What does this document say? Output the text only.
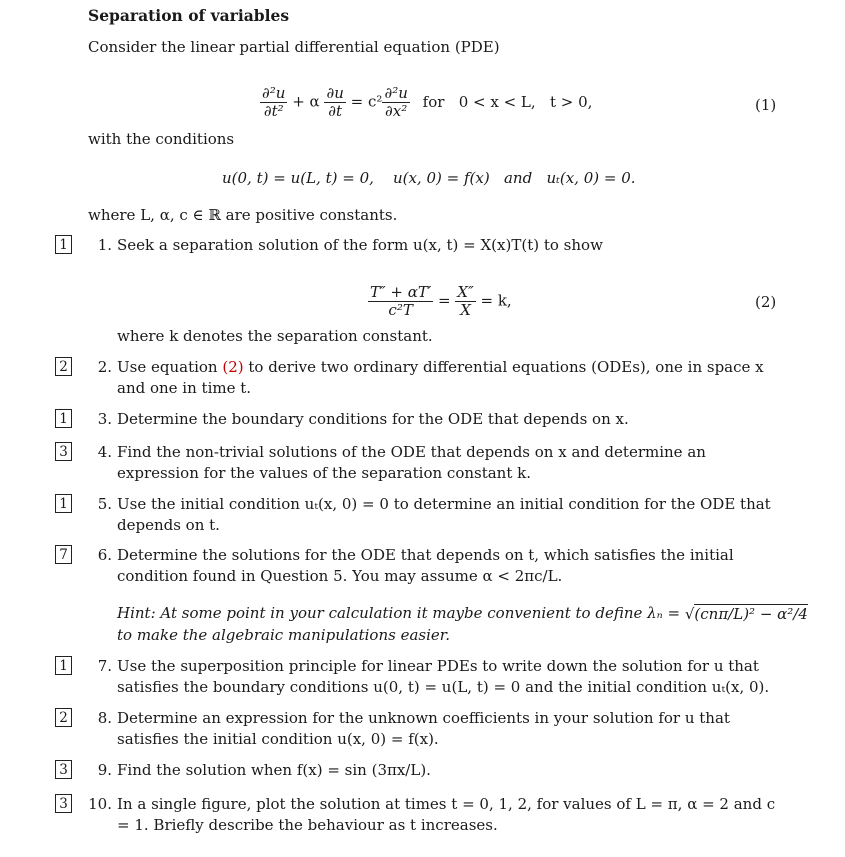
Separation of variables
Consider the linear partial differential equation (PDE)
$\frac{\text{∂²u}}{\text{∂t²}} + \alpha \frac{\partial u}{\partial t} = c^2 \frac{\text{∂²u}}{\text{∂x²}}$ for   0 < x < L,   t > 0,	(1)
with the conditions
u(0, t) = u(L, t) = 0,    u(x, 0) = f(x)   and   uₜ(x, 0) = 0.
where L, α, c ∈ ℝ are positive constants.
1	1. Seek a separation solution of the form u(x, t) = X(x)T(t) to show
$\frac{T'' + \alpha T'}{\text{c²T}} = \frac{X''}{X} = k$,	(2)
where k denotes the separation constant.
2	2. Use equation (2) to derive two ordinary differential equations (ODEs), one in space x and one in time t.
1	3. Determine the boundary conditions for the ODE that depends on x.
3	4. Find the non-trivial solutions of the ODE that depends on x and determine an expression for the values of the separation constant k.
1	5. Use the initial condition uₜ(x, 0) = 0 to determine an initial condition for the ODE that depends on t.
7	6. Determine the solutions for the ODE that depends on t, which satisfies the initial condition found in Question 5. You may assume α < 2πc/L.
Hint: At some point in your calculation it maybe convenient to define λₙ = √(cnπ/L)² − α²/4
to make the algebraic manipulations easier.
1	7. Use the superposition principle for linear PDEs to write down the solution for u that satisfies the boundary conditions u(0, t) = u(L, t) = 0 and the initial condition uₜ(x, 0).
2	8. Determine an expression for the unknown coefficients in your solution for u that satisfies the initial condition u(x, 0) = f(x).
3	9. Find the solution when f(x) = sin (3πx/L).
3 10. In a single figure, plot the solution at times t = 0, 1, 2, for values of L = π, α = 2 and c = 1. Briefly describe the behaviour as t increases.
